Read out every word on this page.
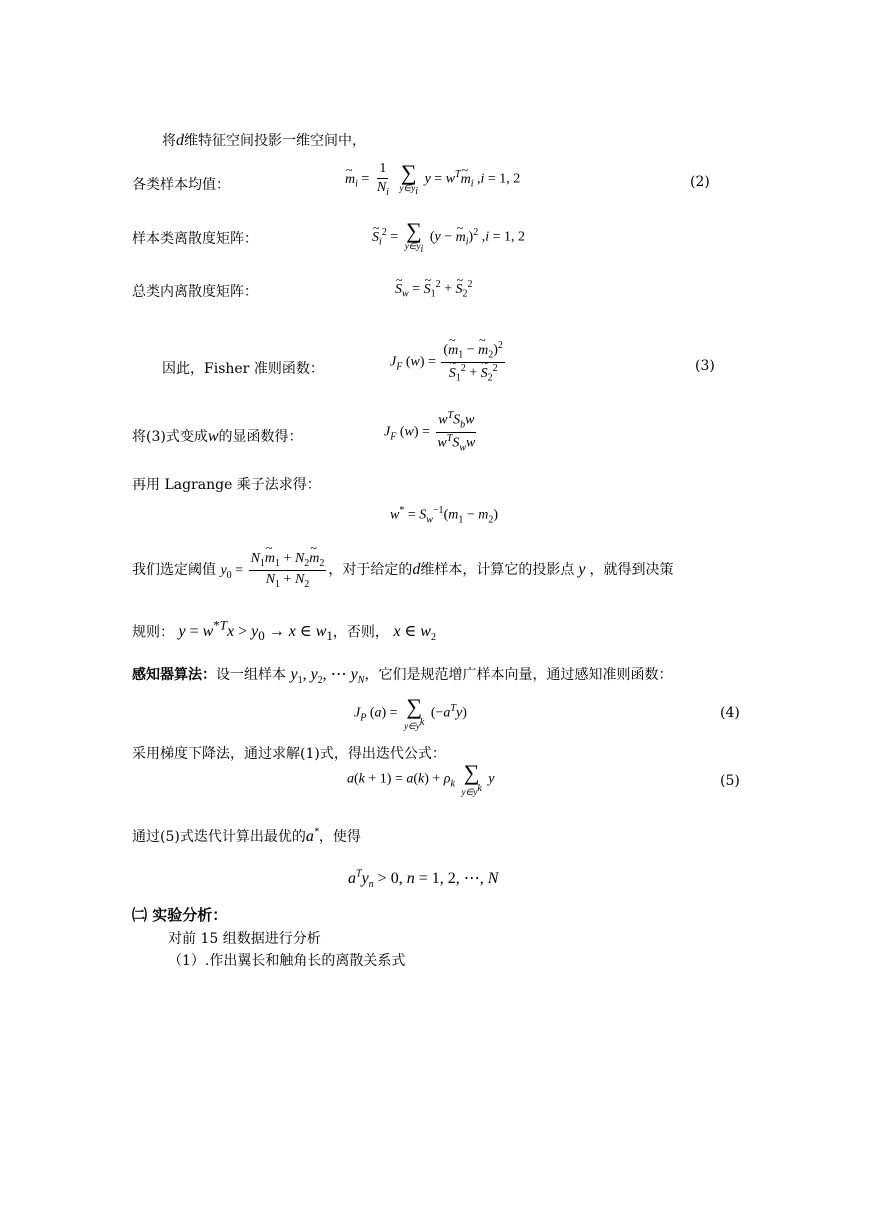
将d维特征空间投影一维空间中，
各类样本均值：	~ $m_i = \frac{1}{N_i}$
∑
$y\in y_i$
$y = w^T\sim$ $m_i$ ,i = 1, 2	(2)
样本类离散度矩阵：	~ $S_i^2$ = ∑
$y\in y_i$
(y − ~ $m_i)^2$ ,i = 1, 2
总类内离散度矩阵：	~ $S_w$ = ~ $S_1^2$ + ~ $S_2^2$
因此，Fisher 准则函数：	$J_F$ (w) = (~ $m_1$ − ~ $m_2)^2$
~ $S_1^2$ + ~ $S_2^2$	(3)
将(3)式变成w的显函数得：	$J_F$ $(w) = \frac{w^TS_bw}{w^TS_ww}$
再用 Lagrange 乘子法求得：
$w^* = S_w^{-1}(m_1 - m_2)$
我们选定阈值 $y_0 = \frac{N_1\sim m_1 + N_2\sim m_2}{N_1 + N_2}$ ，对于给定的d维样本，计算它的投影点 y ，就得到决策
规则： $y = w^{*T}x > y_0 \to x$ ∈ $w_1$，否则， x ∈ $w_2$
感知器算法：设一组样本 $y_1$, $y_2$, ⋯ $y_N$，它们是规范增广样本向量，通过感知准则函数：
$J_P$ (a) = ∑
$y\in y^k$
$(-a^Ty)$	(4)
采用梯度下降法，通过求解(1)式，得出迭代公式：
$a(k + 1) = a(k) + \rho_k$ ∑
$y\in y^k$
y	(5)
通过(5)式迭代计算出最优的a*，使得
$a^Ty_n > 0$, n = 1, 2, ⋯, N
㈡ 实验分析：
对前 15 组数据进行分析
（1）.作出翼长和触角长的离散关系式
